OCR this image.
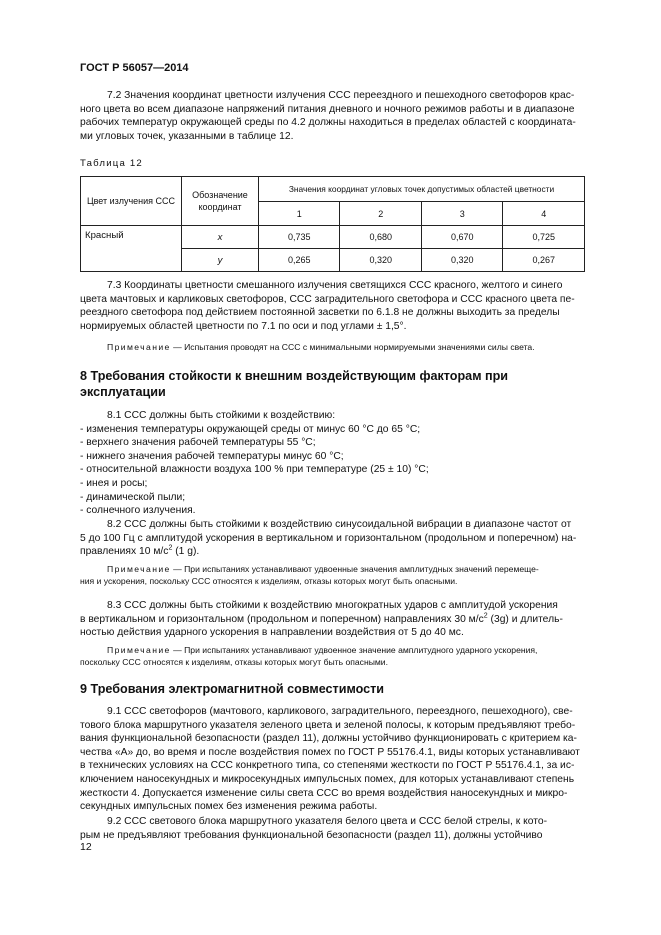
ГОСТ Р 56057—2014
7.2 Значения координат цветности излучения ССС переездного и пешеходного светофоров крас-
ного цвета во всем диапазоне напряжений питания дневного и ночного режимов работы и в диапазоне
рабочих температур окружающей среды по 4.2 должны находиться в пределах областей с координата-
ми угловых точек, указанными в таблице 12.
Таблица 12
Цвет излучения ССС	Обозначение координат	Значения координат угловых точек допустимых областей цветности			
		1	2	3	4
Красный	x	0,735	0,680	0,670	0,725
	y	0,265	0,320	0,320	0,267
7.3 Координаты цветности смешанного излучения светящихся ССС красного, желтого и синего
цвета мачтовых и карликовых светофоров, ССС заградительного светофора и ССС красного цвета пе-
реездного светофора под действием постоянной засветки по 6.1.8 не должны выходить за пределы
нормируемых областей цветности по 7.1 по оси и под углами ± 1,5°.
Примечание — Испытания проводят на ССС с минимальными нормируемыми значениями силы света.
8 Требования стойкости к внешним воздействующим факторам при
эксплуатации
8.1 ССС должны быть стойкими к воздействию:
- изменения температуры окружающей среды от минус 60 °С до 65 °С;
- верхнего значения рабочей температуры 55 °С;
- нижнего значения рабочей температуры минус 60 °С;
- относительной влажности воздуха 100 % при температуре (25 ± 10) °С;
- инея и росы;
- динамической пыли;
- солнечного излучения.
8.2 ССС должны быть стойкими к воздействию синусоидальной вибрации в диапазоне частот от
5 до 100 Гц с амплитудой ускорения в вертикальном и горизонтальном (продольном и поперечном) на-
правлениях 10 $м/с^2$ (1 g).
Примечание — При испытаниях устанавливают удвоенные значения амплитудных значений перемеще-
ния и ускорения, поскольку ССС относятся к изделиям, отказы которых могут быть опасными.
8.3 ССС должны быть стойкими к воздействию многократных ударов с амплитудой ускорения
в вертикальном и горизонтальном (продольном и поперечном) направлениях 30 $м/с^2$ (3g) и длитель-
ностью действия ударного ускорения в направлении воздействия от 5 до 40 мс.
Примечание — При испытаниях устанавливают удвоенное значение амплитудного ударного ускорения,
поскольку ССС относятся к изделиям, отказы которых могут быть опасными.
9 Требования электромагнитной совместимости
9.1 ССС светофоров (мачтового, карликового, заградительного, переездного, пешеходного), све-
тового блока маршрутного указателя зеленого цвета и зеленой полосы, к которым предъявляют требо-
вания функциональной безопасности (раздел 11), должны устойчиво функционировать с критерием ка-
чества «А» до, во время и после воздействия помех по ГОСТ Р 55176.4.1, виды которых устанавливают
в технических условиях на ССС конкретного типа, со степенями жесткости по ГОСТ Р 55176.4.1, за ис-
ключением наносекундных и микросекундных импульсных помех, для которых устанавливают степень
жесткости 4. Допускается изменение силы света ССС во время воздействия наносекундных и микро-
секундных импульсных помех без изменения режима работы.
9.2 ССС светового блока маршрутного указателя белого цвета и ССС белой стрелы, к кото-
рым не предъявляют требования функциональной безопасности (раздел 11), должны устойчиво
12
